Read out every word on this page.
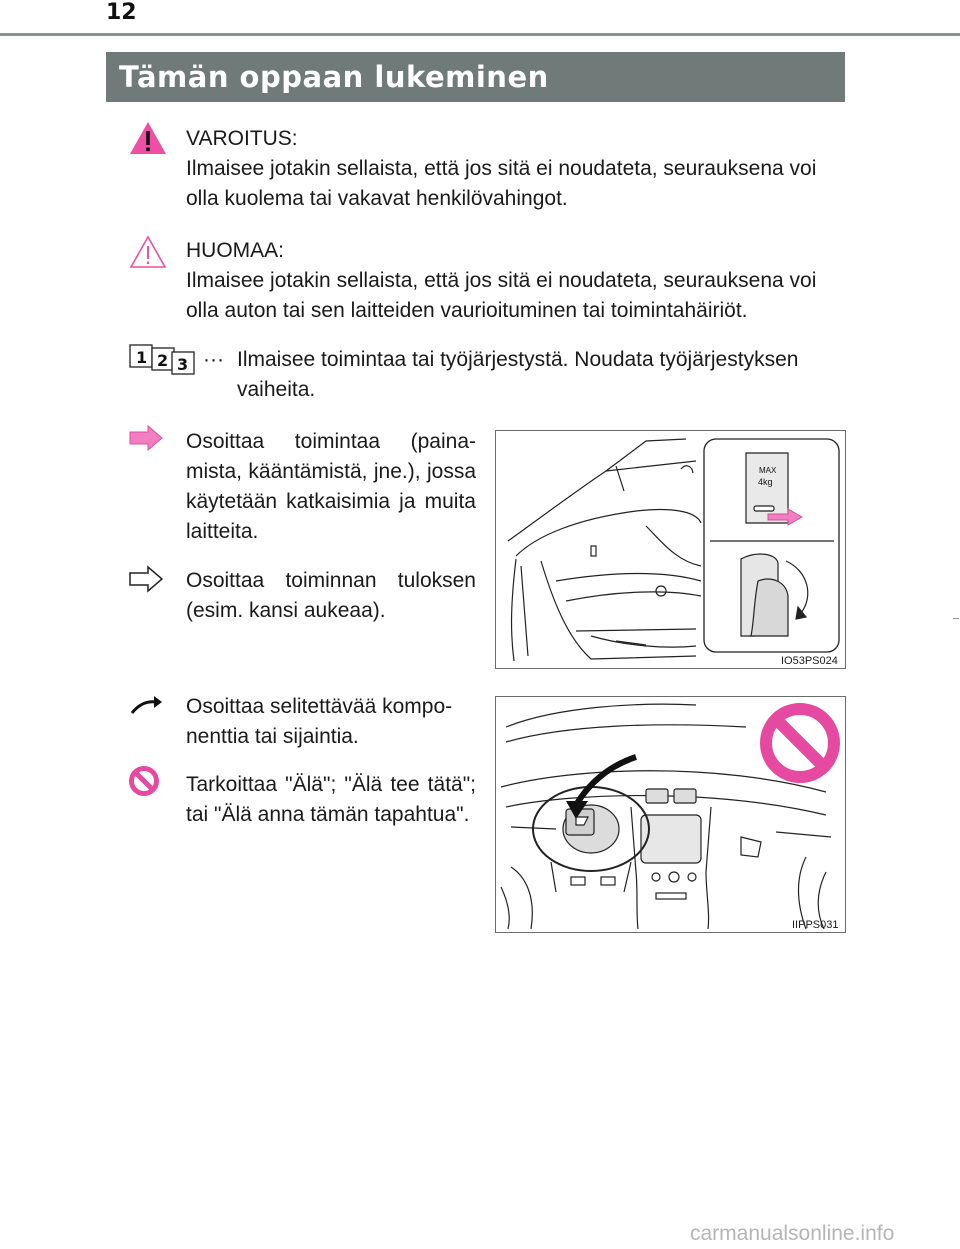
12
Tämän oppaan lukeminen
VAROITUS:
Ilmaisee jotakin sellaista, että jos sitä ei noudateta, seurauksena voi olla kuolema tai vakavat henkilövahingot.
HUOMAA:
Ilmaisee jotakin sellaista, että jos sitä ei noudateta, seurauksena voi olla auton tai sen laitteiden vaurioituminen tai toimintahäiriöt.
1 2 3 ··· Ilmaisee toimintaa tai työjärjestystä. Noudata työjärjestyksen vaiheita.
Osoittaa toimintaa (paina-mista, kääntämistä, jne.), jossa käytetään katkaisimia ja muita laitteita.
Osoittaa toiminnan tuloksen (esim. kansi aukeaa).
Osoittaa selitettävää kompo-nenttia tai sijaintia.
Tarkoittaa "Älä"; "Älä tee tätä"; tai "Älä anna tämän tapahtua".
MAX
4kg
IO53PS024
IIPPS031
carmanualsonline.info
